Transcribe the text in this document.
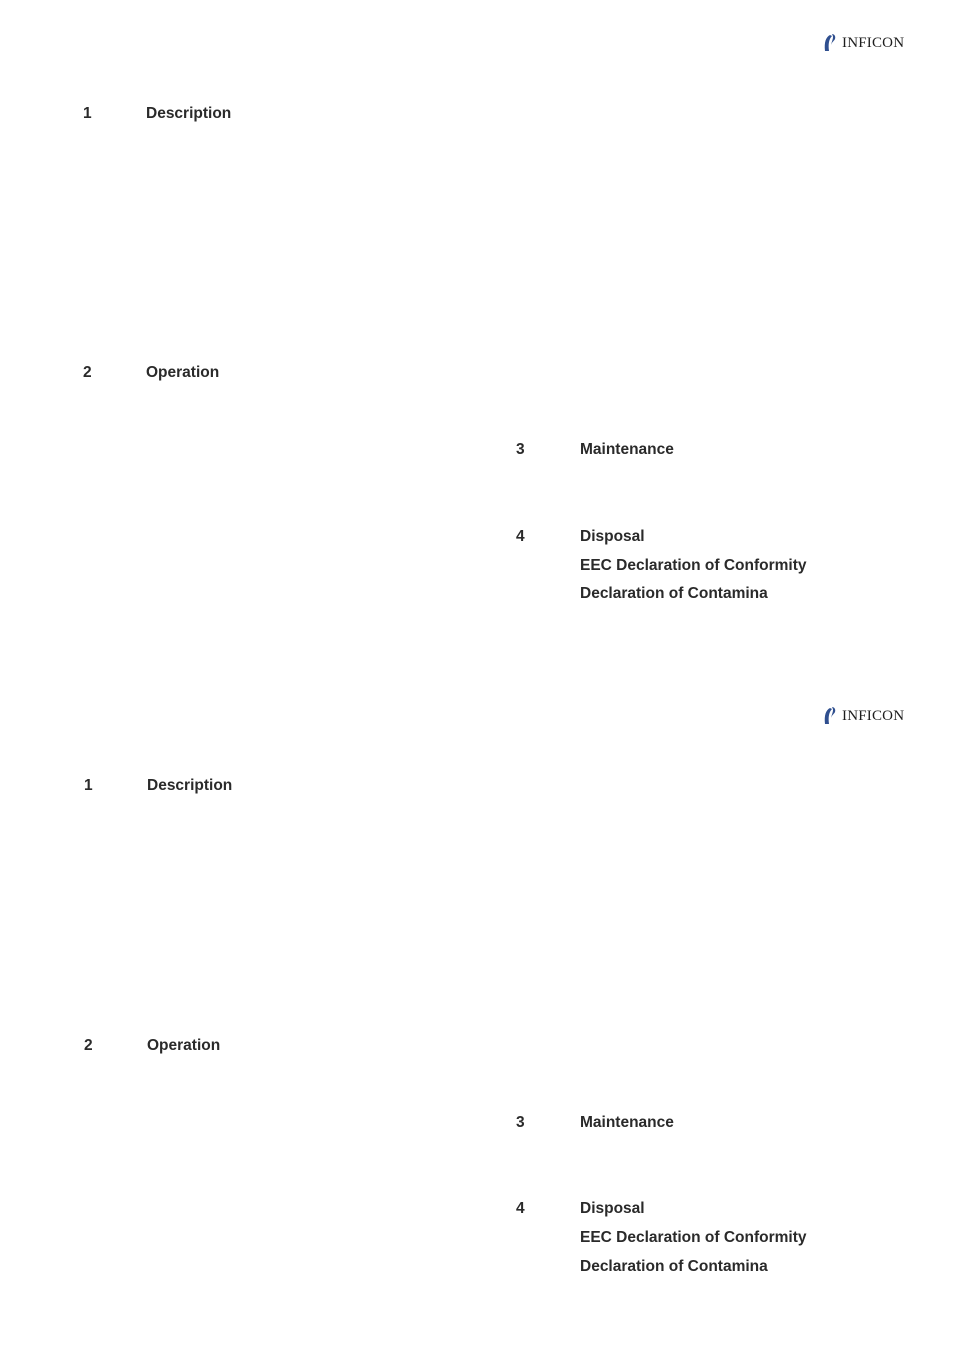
INFICON
1	Description
2	Operation
3	Maintenance
4	Disposal
EEC Declaration of Conformity
Declaration of Contamina
INFICON
1	Description
2	Operation
3	Maintenance
4	Disposal
EEC Declaration of Conformity
Declaration of Contamina
